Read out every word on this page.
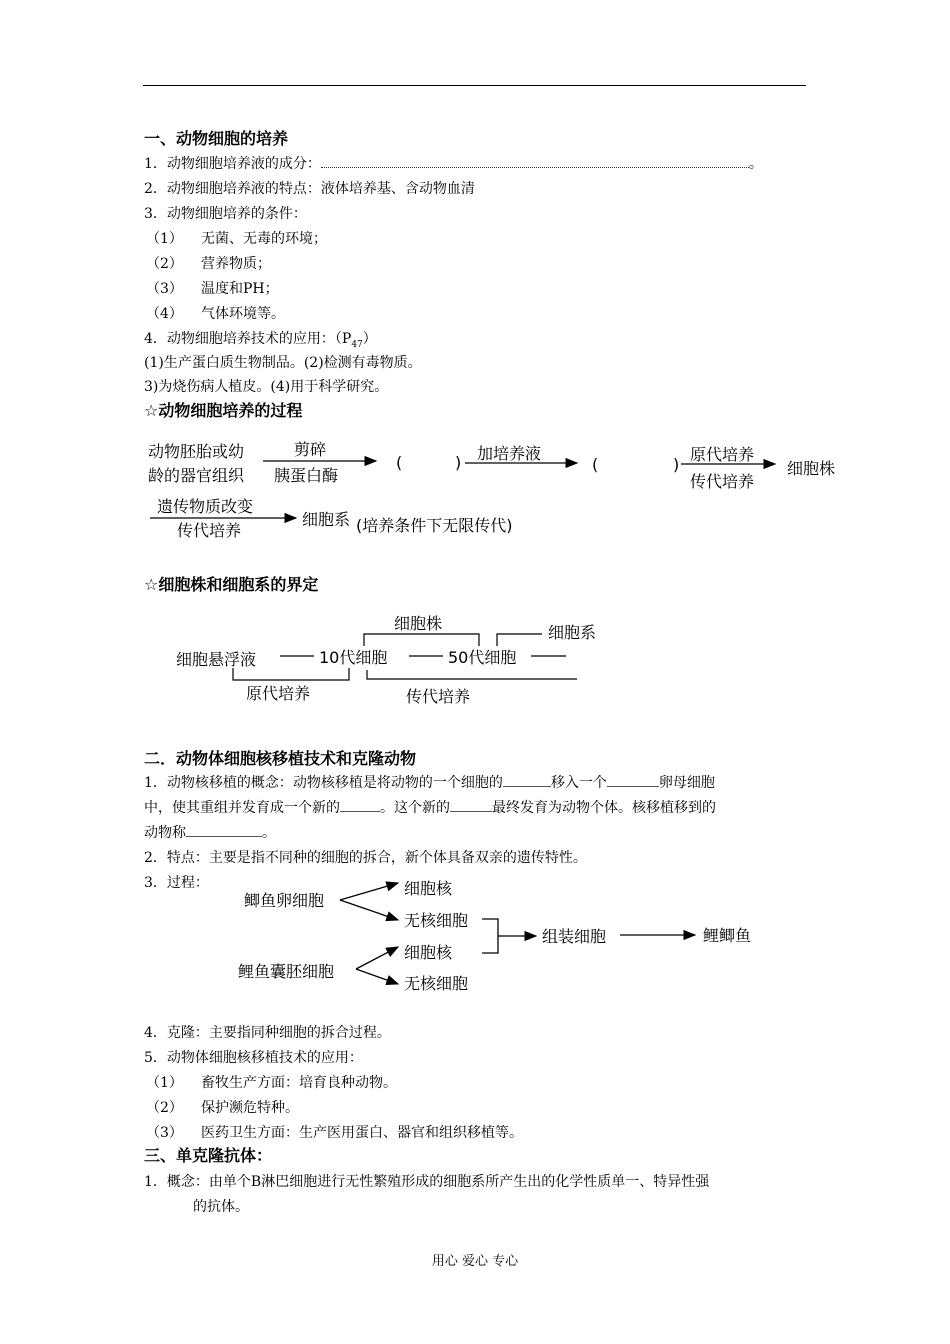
一、动物细胞的培养
1．动物细胞培养液的成分：	。
2．动物细胞培养液的特点：液体培养基、含动物血清
3．动物细胞培养的条件：
（1） 无菌、无毒的环境；
（2） 营养物质；
（3） 温度和PH；
（4） 气体环境等。
4．动物细胞培养技术的应用：$(P_{47})$
(1)生产蛋白质生物制品。(2)检测有毒物质。
3)为烧伤病人植皮。(4)用于科学研究。
☆动物细胞培养的过程
动物胚胎或幼
龄的器官组织
剪碎
胰蛋白酶
(	) 加培养液
(	)
原代培养
传代培养
细胞株
遗传物质改变
传代培养
细胞系 (培养条件下无限传代)
☆细胞株和细胞系的界定
细胞悬浮液	10代细胞	50代细胞
细胞株	细胞系
原代培养	传代培养
二．动物体细胞核移植技术和克隆动物
1．动物核移植的概念：动物核移植是将动物的一个细胞的	移入一个	卵母细胞
中，使其重组并发育成一个新的	。这个新的	最终发育为动物个体。核移植移到的
动物称	。
2．特点：主要是指不同种的细胞的拆合，新个体具备双亲的遗传特性。
3．过程：
鲫鱼卵细胞
细胞核
无核细胞
鲤鱼囊胚细胞
细胞核
无核细胞
组装细胞	鲤鲫鱼
4．克隆：主要指同种细胞的拆合过程。
5．动物体细胞核移植技术的应用：
（1） 畜牧生产方面：培育良种动物。
（2） 保护濒危特种。
（3） 医药卫生方面：生产医用蛋白、器官和组织移植等。
三、单克隆抗体：
1．概念：由单个B淋巴细胞进行无性繁殖形成的细胞系所产生出的化学性质单一、特异性强
的抗体。
用心 爱心 专心
